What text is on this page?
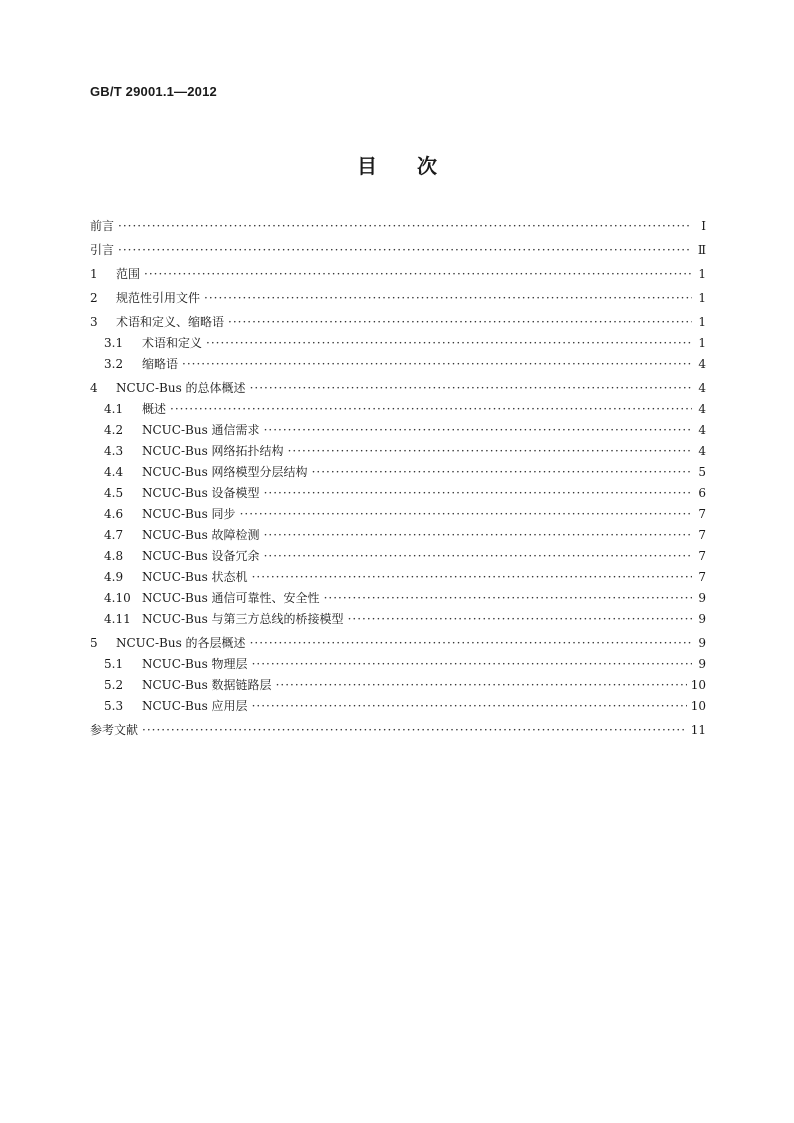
GB/T 29001.1—2012
目次
前言 ·····	Ⅰ
引言 ·····	Ⅱ
1	范围 ·····	1
2	规范性引用文件 ·····	1
3	术语和定义、缩略语 ·····	1
3.1	术语和定义 ·····	1
3.2	缩略语 ·····	4
4	NCUC-Bus 的总体概述 ·····	4
4.1	概述 ·····	4
4.2	NCUC-Bus 通信需求 ·····	4
4.3	NCUC-Bus 网络拓扑结构 ·····	4
4.4	NCUC-Bus 网络模型分层结构 ·····	5
4.5	NCUC-Bus 设备模型 ·····	6
4.6	NCUC-Bus 同步 ·····	7
4.7	NCUC-Bus 故障检测 ·····	7
4.8	NCUC-Bus 设备冗余 ·····	7
4.9	NCUC-Bus 状态机 ·····	7
4.10 NCUC-Bus 通信可靠性、安全性 ·····	9
4.11 NCUC-Bus 与第三方总线的桥接模型 ·····	9
5	NCUC-Bus 的各层概述 ·····	9
5.1	NCUC-Bus 物理层 ·····	9
5.2	NCUC-Bus 数据链路层 ·····	10
5.3	NCUC-Bus 应用层 ·····	10
参考文献 ·····	11
